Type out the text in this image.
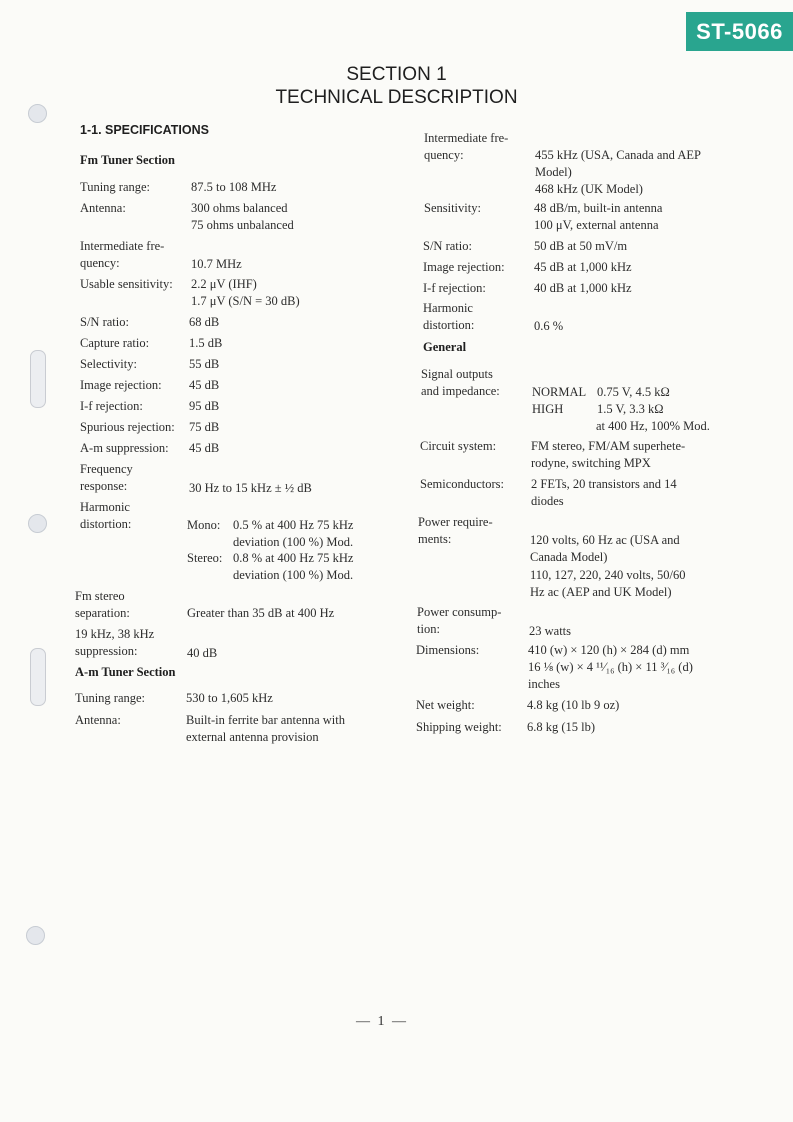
ST-5066
SECTION 1
TECHNICAL DESCRIPTION
1-1. SPECIFICATIONS
Fm Tuner Section
Tuning range:	87.5 to 108 MHz
Antenna:	300 ohms balanced
75 ohms unbalanced
Intermediate fre-
quency:	10.7 MHz
Usable sensitivity: 2.2 μV (IHF)
1.7 μV (S/N = 30 dB)
S/N ratio:	68 dB
Capture ratio:	1.5 dB
Selectivity:	55 dB
Image rejection: 45 dB
I-f rejection:	95 dB
Spurious rejection: 75 dB
A-m suppression: 45 dB
Frequency
response:	30 Hz to 15 kHz ± ½ dB
Harmonic
distortion:	Mono: 0.5 % at 400 Hz 75 kHz
deviation (100 %) Mod.
Stereo: 0.8 % at 400 Hz 75 kHz
deviation (100 %) Mod.
Fm stereo
separation:	Greater than 35 dB at 400 Hz
19 kHz, 38 kHz
suppression:	40 dB
A-m Tuner Section
Tuning range:	530 to 1,605 kHz
Antenna:	Built-in ferrite bar antenna with
external antenna provision
Intermediate fre-
quency:	455 kHz (USA, Canada and AEP
Model)
468 kHz (UK Model)
Sensitivity:	48 dB/m, built-in antenna
100 μV, external antenna
S/N ratio:	50 dB at 50 mV/m
Image rejection: 45 dB at 1,000 kHz
I-f rejection:	40 dB at 1,000 kHz
Harmonic
distortion:	0.6 %
General
Signal outputs
and impedance:	NORMAL 0.75 V, 4.5 kΩ
HIGH	1.5 V, 3.3 kΩ
at 400 Hz, 100% Mod.
Circuit system:	FM stereo, FM/AM superhete-
rodyne, switching MPX
Semiconductors: 2 FETs, 20 transistors and 14
diodes
Power require-
ments:	120 volts, 60 Hz ac (USA and
Canada Model)
110, 127, 220, 240 volts, 50/60
Hz ac (AEP and UK Model)
Power consump-
tion:	23 watts
Dimensions:	410 (w) × 120 (h) × 284 (d) mm
16 ⅛ (w) × 4 ¹¹⁄₁₆ (h) × 11 ³⁄₁₆ (d)
inches
Net weight:	4.8 kg (10 lb 9 oz)
Shipping weight: 6.8 kg (15 lb)
— 1 —
